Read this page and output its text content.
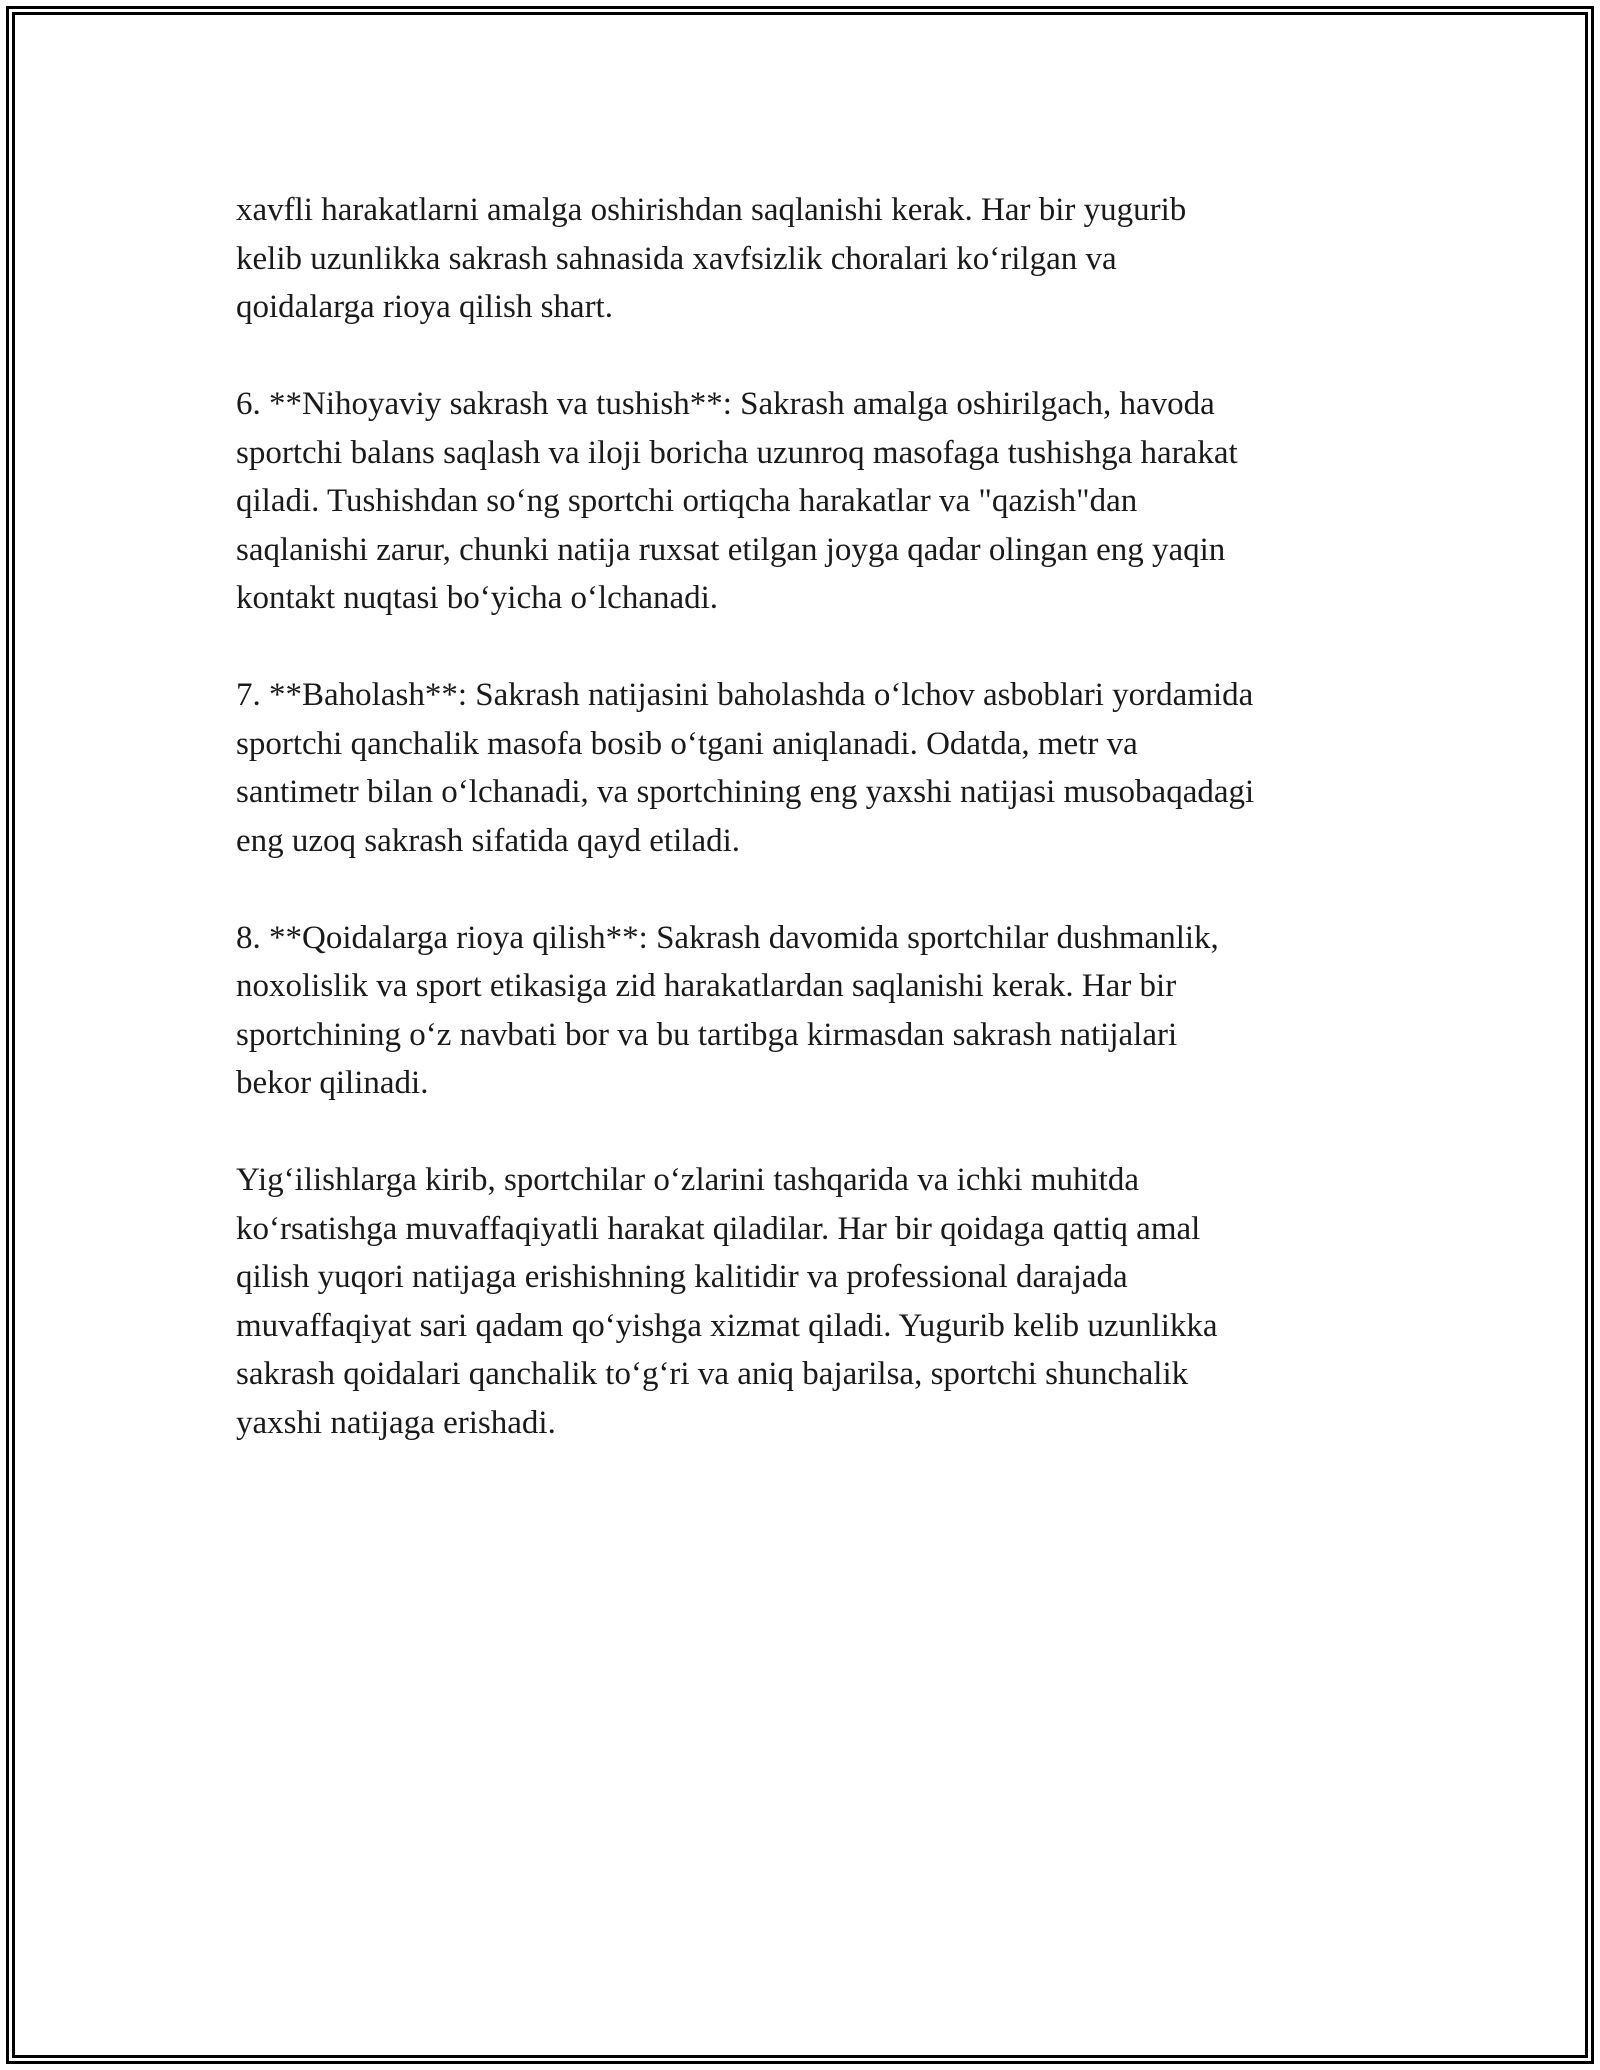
xavfli harakatlarni amalga oshirishdan saqlanishi kerak. Har bir yugurib
kelib uzunlikka sakrash sahnasida xavfsizlik choralari koʻrilgan va
qoidalarga rioya qilish shart.

6. **Nihoyaviy sakrash va tushish**: Sakrash amalga oshirilgach, havoda
sportchi balans saqlash va iloji boricha uzunroq masofaga tushishga harakat
qiladi. Tushishdan soʻng sportchi ortiqcha harakatlar va "qazish"dan
saqlanishi zarur, chunki natija ruxsat etilgan joyga qadar olingan eng yaqin
kontakt nuqtasi boʻyicha oʻlchanadi.

7. **Baholash**: Sakrash natijasini baholashda oʻlchov asboblari yordamida
sportchi qanchalik masofa bosib oʻtgani aniqlanadi. Odatda, metr va
santimetr bilan oʻlchanadi, va sportchining eng yaxshi natijasi musobaqadagi
eng uzoq sakrash sifatida qayd etiladi.

8. **Qoidalarga rioya qilish**: Sakrash davomida sportchilar dushmanlik,
noxolislik va sport etikasiga zid harakatlardan saqlanishi kerak. Har bir
sportchining oʻz navbati bor va bu tartibga kirmasdan sakrash natijalari
bekor qilinadi.

Yigʻilishlarga kirib, sportchilar oʻzlarini tashqarida va ichki muhitda
koʻrsatishga muvaffaqiyatli harakat qiladilar. Har bir qoidaga qattiq amal
qilish yuqori natijaga erishishning kalitidir va professional darajada
muvaffaqiyat sari qadam qoʻyishga xizmat qiladi. Yugurib kelib uzunlikka
sakrash qoidalari qanchalik toʻgʻri va aniq bajarilsa, sportchi shunchalik
yaxshi natijaga erishadi.
